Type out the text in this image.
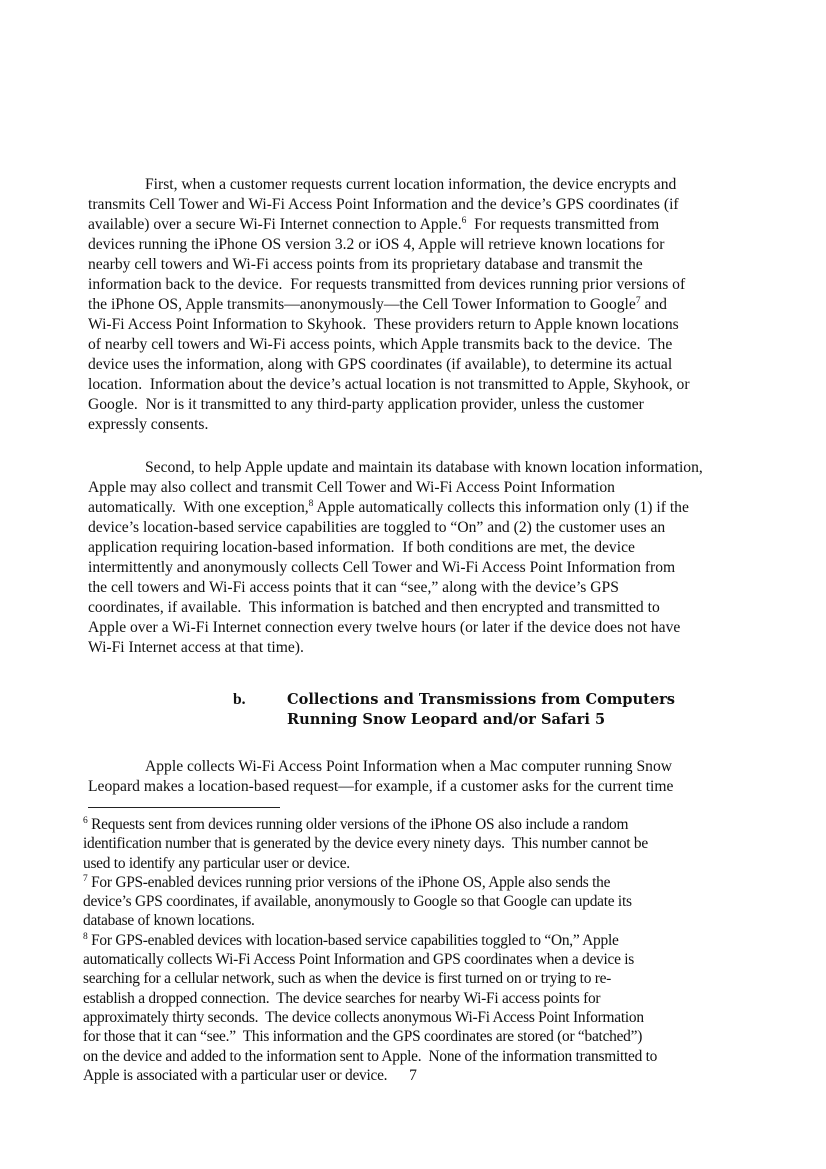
First, when a customer requests current location information, the device encrypts and
transmits Cell Tower and Wi-Fi Access Point Information and the device’s GPS coordinates (if
available) over a secure Wi-Fi Internet connection to Apple.$^6$  For requests transmitted from
devices running the iPhone OS version 3.2 or iOS 4, Apple will retrieve known locations for
nearby cell towers and Wi-Fi access points from its proprietary database and transmit the
information back to the device.  For requests transmitted from devices running prior versions of
the iPhone OS, Apple transmits—anonymously—the Cell Tower Information to Google$^7$ and
Wi-Fi Access Point Information to Skyhook.  These providers return to Apple known locations
of nearby cell towers and Wi-Fi access points, which Apple transmits back to the device.  The
device uses the information, along with GPS coordinates (if available), to determine its actual
location.  Information about the device’s actual location is not transmitted to Apple, Skyhook, or
Google.  Nor is it transmitted to any third-party application provider, unless the customer
expressly consents.
Second, to help Apple update and maintain its database with known location information,
Apple may also collect and transmit Cell Tower and Wi-Fi Access Point Information
automatically.  With one exception,$^8$ Apple automatically collects this information only (1) if the
device’s location-based service capabilities are toggled to “On” and (2) the customer uses an
application requiring location-based information.  If both conditions are met, the device
intermittently and anonymously collects Cell Tower and Wi-Fi Access Point Information from
the cell towers and Wi-Fi access points that it can “see,” along with the device’s GPS
coordinates, if available.  This information is batched and then encrypted and transmitted to
Apple over a Wi-Fi Internet connection every twelve hours (or later if the device does not have
Wi-Fi Internet access at that time).
b.	Collections and Transmissions from Computers
Running Snow Leopard and/or Safari 5
Apple collects Wi-Fi Access Point Information when a Mac computer running Snow
Leopard makes a location-based request—for example, if a customer asks for the current time
$^6$ Requests sent from devices running older versions of the iPhone OS also include a random
identification number that is generated by the device every ninety days.  This number cannot be
used to identify any particular user or device.
$^7$ For GPS-enabled devices running prior versions of the iPhone OS, Apple also sends the
device’s GPS coordinates, if available, anonymously to Google so that Google can update its
database of known locations.
$^8$ For GPS-enabled devices with location-based service capabilities toggled to “On,” Apple
automatically collects Wi-Fi Access Point Information and GPS coordinates when a device is
searching for a cellular network, such as when the device is first turned on or trying to re-
establish a dropped connection.  The device searches for nearby Wi-Fi access points for
approximately thirty seconds.  The device collects anonymous Wi-Fi Access Point Information
for those that it can “see.”  This information and the GPS coordinates are stored (or “batched”)
on the device and added to the information sent to Apple.  None of the information transmitted to
Apple is associated with a particular user or device.	7
